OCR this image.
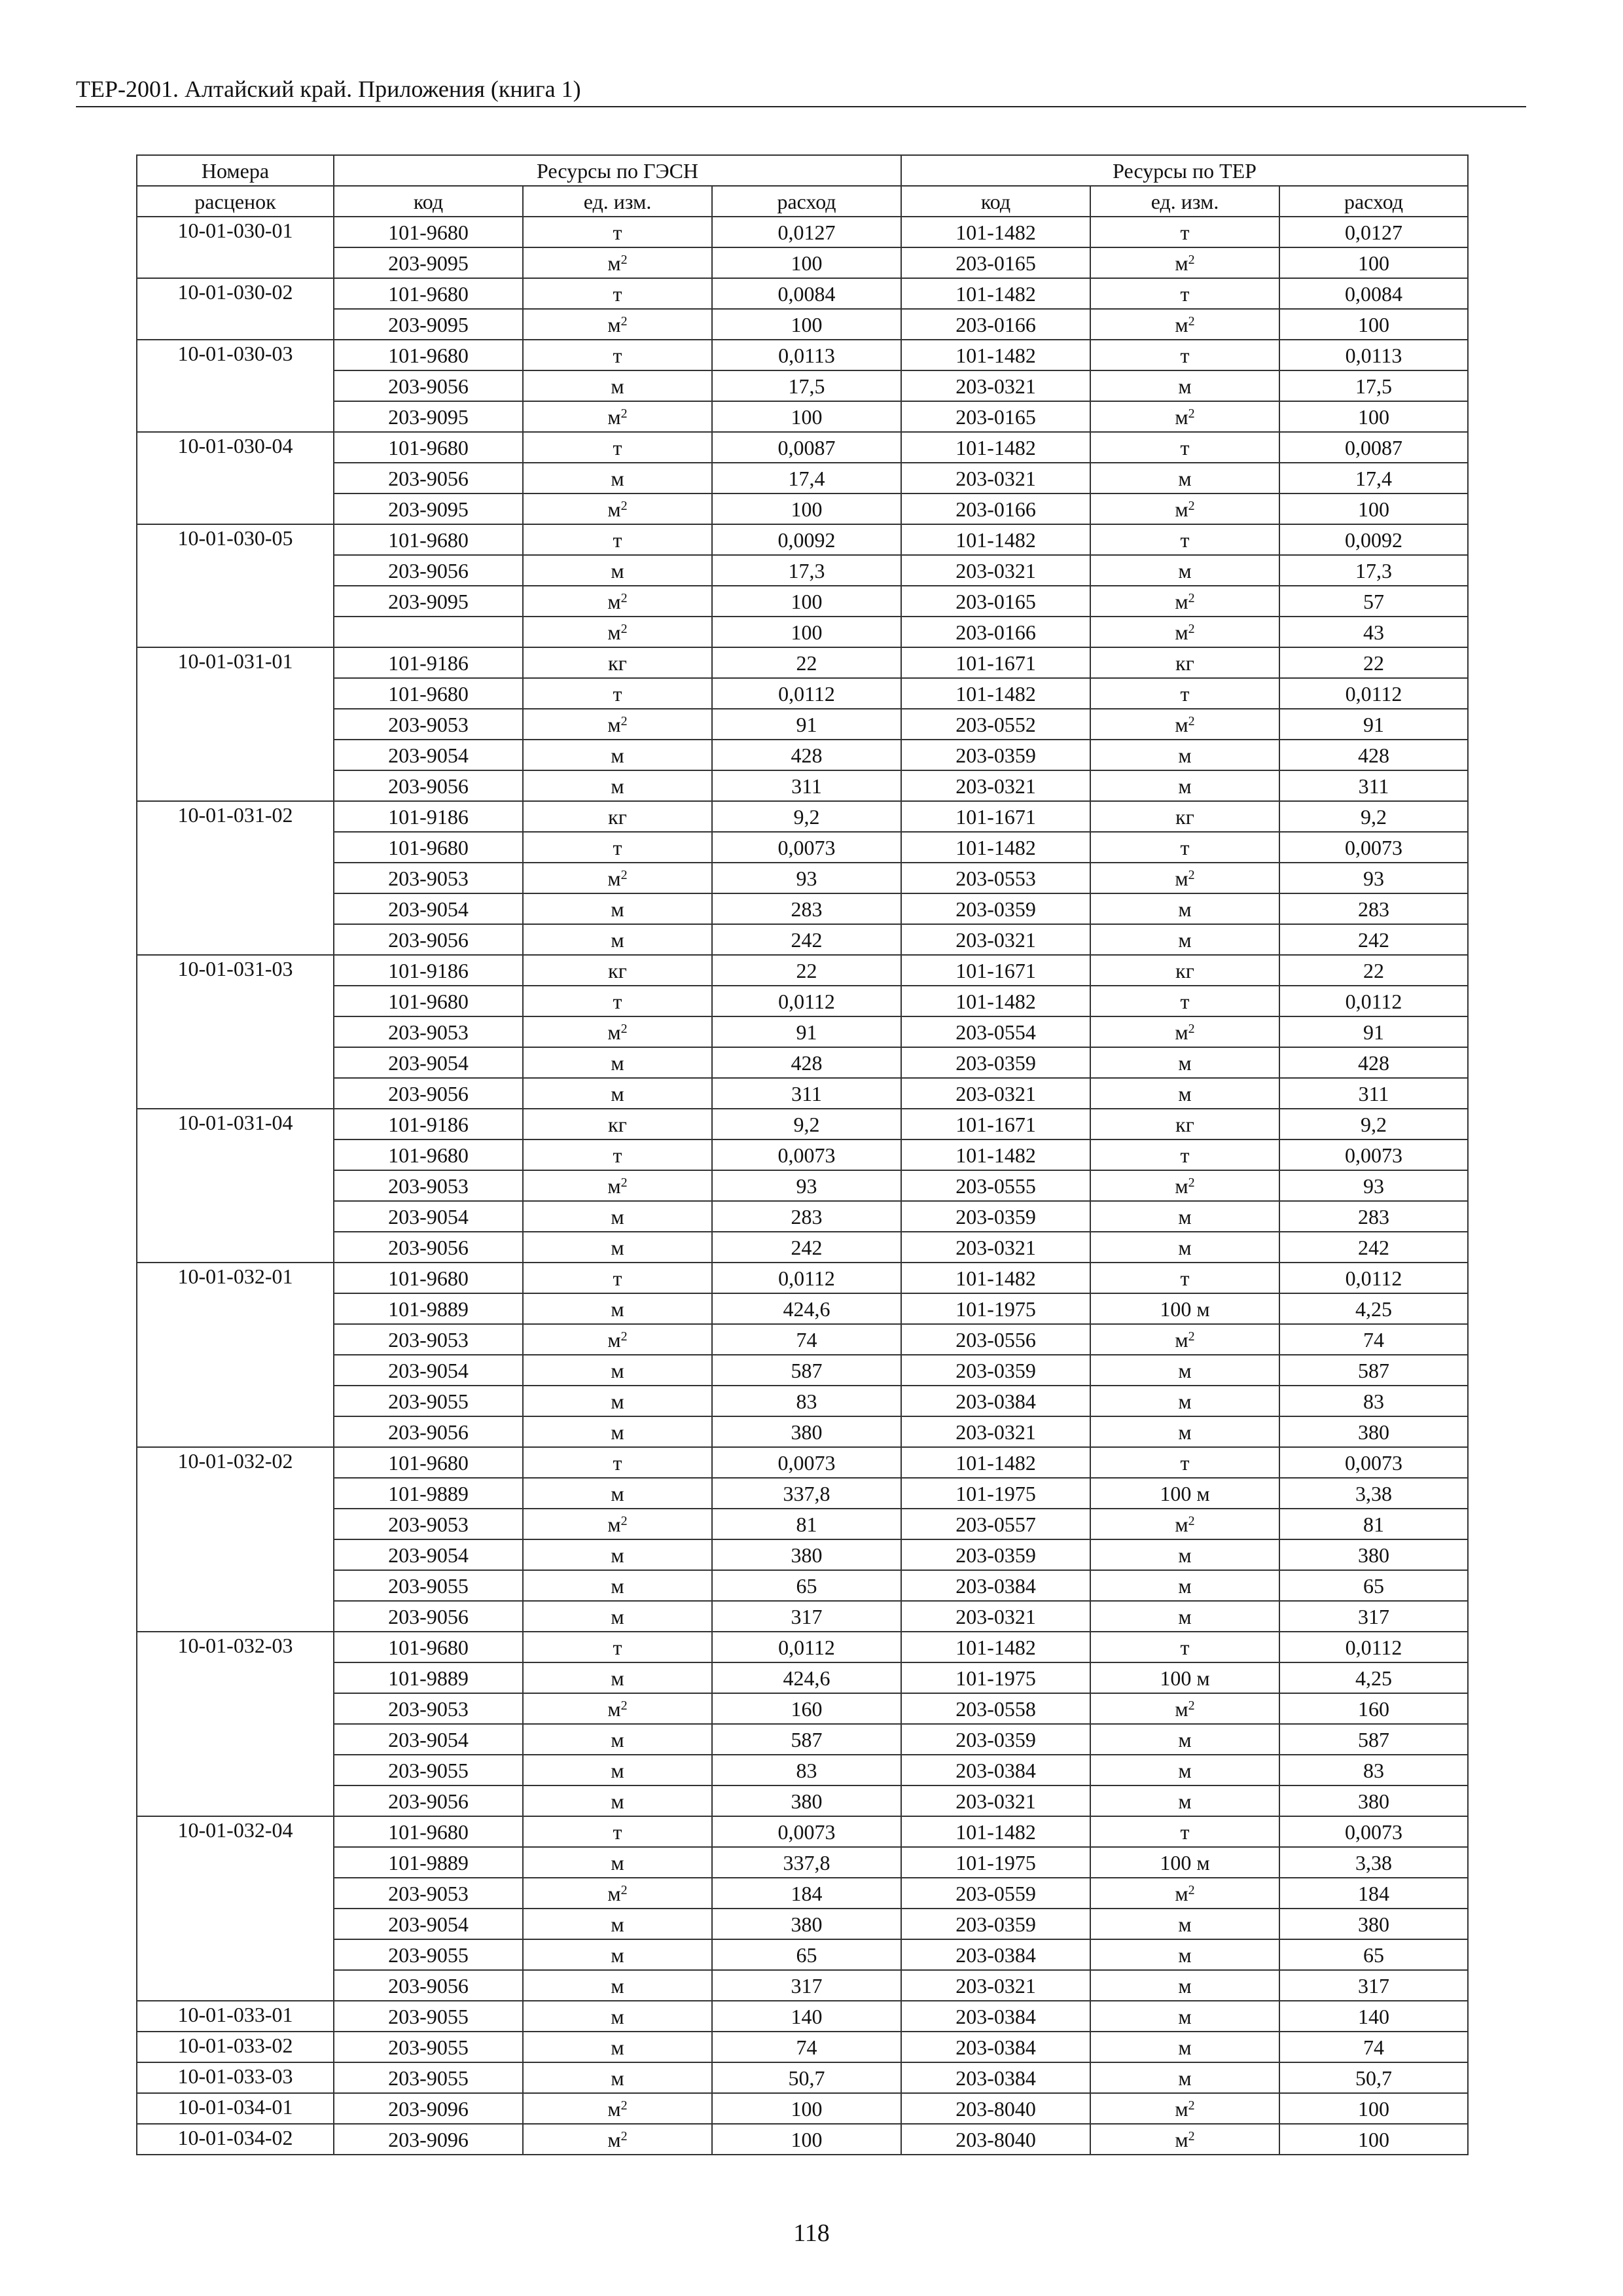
ТЕР-2001. Алтайский край. Приложения (книга 1)
Номера	Ресурсы по ГЭСН			Ресурсы по ТЕР		
расценок	код	ед. изм.	расход	код	ед. изм.	расход
10-01-030-01	101-9680	т	0,0127	101-1482	т	0,0127
	203-9095	$м^2$	100	203-0165	$м^2$	100
10-01-030-02	101-9680	т	0,0084	101-1482	т	0,0084
	203-9095	$м^2$	100	203-0166	$м^2$	100
10-01-030-03	101-9680	т	0,0113	101-1482	т	0,0113
	203-9056	м	17,5	203-0321	м	17,5
	203-9095	$м^2$	100	203-0165	$м^2$	100
10-01-030-04	101-9680	т	0,0087	101-1482	т	0,0087
	203-9056	м	17,4	203-0321	м	17,4
	203-9095	$м^2$	100	203-0166	$м^2$	100
10-01-030-05	101-9680	т	0,0092	101-1482	т	0,0092
	203-9056	м	17,3	203-0321	м	17,3
	203-9095	$м^2$	100	203-0165	$м^2$	57
		$м^2$	100	203-0166	$м^2$	43
10-01-031-01	101-9186	кг	22	101-1671	кг	22
	101-9680	т	0,0112	101-1482	т	0,0112
	203-9053	$м^2$	91	203-0552	$м^2$	91
	203-9054	м	428	203-0359	м	428
	203-9056	м	311	203-0321	м	311
10-01-031-02	101-9186	кг	9,2	101-1671	кг	9,2
	101-9680	т	0,0073	101-1482	т	0,0073
	203-9053	$м^2$	93	203-0553	$м^2$	93
	203-9054	м	283	203-0359	м	283
	203-9056	м	242	203-0321	м	242
10-01-031-03	101-9186	кг	22	101-1671	кг	22
	101-9680	т	0,0112	101-1482	т	0,0112
	203-9053	$м^2$	91	203-0554	$м^2$	91
	203-9054	м	428	203-0359	м	428
	203-9056	м	311	203-0321	м	311
10-01-031-04	101-9186	кг	9,2	101-1671	кг	9,2
	101-9680	т	0,0073	101-1482	т	0,0073
	203-9053	$м^2$	93	203-0555	$м^2$	93
	203-9054	м	283	203-0359	м	283
	203-9056	м	242	203-0321	м	242
10-01-032-01	101-9680	т	0,0112	101-1482	т	0,0112
	101-9889	м	424,6	101-1975	100 м	4,25
	203-9053	$м^2$	74	203-0556	$м^2$	74
	203-9054	м	587	203-0359	м	587
	203-9055	м	83	203-0384	м	83
	203-9056	м	380	203-0321	м	380
10-01-032-02	101-9680	т	0,0073	101-1482	т	0,0073
	101-9889	м	337,8	101-1975	100 м	3,38
	203-9053	$м^2$	81	203-0557	$м^2$	81
	203-9054	м	380	203-0359	м	380
	203-9055	м	65	203-0384	м	65
	203-9056	м	317	203-0321	м	317
10-01-032-03	101-9680	т	0,0112	101-1482	т	0,0112
	101-9889	м	424,6	101-1975	100 м	4,25
	203-9053	$м^2$	160	203-0558	$м^2$	160
	203-9054	м	587	203-0359	м	587
	203-9055	м	83	203-0384	м	83
	203-9056	м	380	203-0321	м	380
10-01-032-04	101-9680	т	0,0073	101-1482	т	0,0073
	101-9889	м	337,8	101-1975	100 м	3,38
	203-9053	$м^2$	184	203-0559	$м^2$	184
	203-9054	м	380	203-0359	м	380
	203-9055	м	65	203-0384	м	65
	203-9056	м	317	203-0321	м	317
10-01-033-01	203-9055	м	140	203-0384	м	140
10-01-033-02	203-9055	м	74	203-0384	м	74
10-01-033-03	203-9055	м	50,7	203-0384	м	50,7
10-01-034-01	203-9096	$м^2$	100	203-8040	$м^2$	100
10-01-034-02	203-9096	$м^2$	100	203-8040	$м^2$	100
118
